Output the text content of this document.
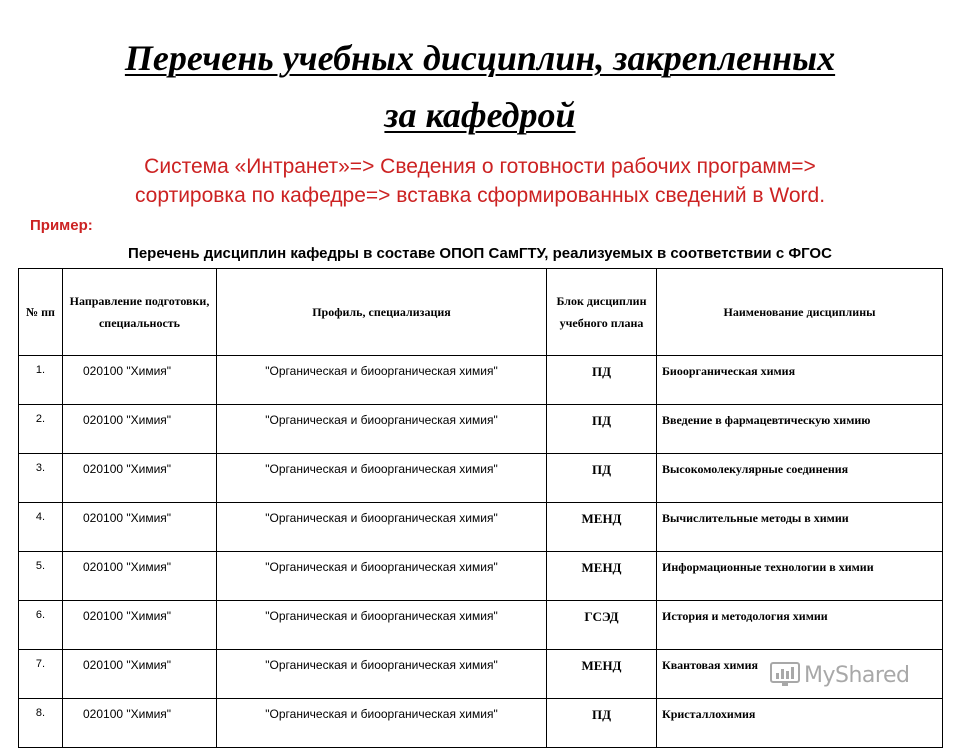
Перечень учебных дисциплин, закрепленных
за кафедрой
Система «Интранет»=> Сведения о готовности рабочих программ=>
сортировка по кафедре=> вставка сформированных сведений в Word.
Пример:
Перечень дисциплин кафедры в составе ОПОП СамГТУ, реализуемых в соответствии с ФГОС
№ пп	Направление подготовки, специальность	Профиль, специализация	Блок дисциплин учебного плана	Наименование дисциплины
1.	020100 "Химия"	"Органическая и биоорганическая химия"	ПД	Биоорганическая химия
2.	020100 "Химия"	"Органическая и биоорганическая химия"	ПД	Введение в фармацевтическую химию
3.	020100 "Химия"	"Органическая и биоорганическая химия"	ПД	Высокомолекулярные соединения
4.	020100 "Химия"	"Органическая и биоорганическая химия"	МЕНД	Вычислительные методы в химии
5.	020100 "Химия"	"Органическая и биоорганическая химия"	МЕНД	Информационные технологии в химии
6.	020100 "Химия"	"Органическая и биоорганическая химия"	ГСЭД	История и методология химии
7.	020100 "Химия"	"Органическая и биоорганическая химия"	МЕНД	Квантовая химия
8.	020100 "Химия"	"Органическая и биоорганическая химия"	ПД	Кристаллохимия
MyShared
